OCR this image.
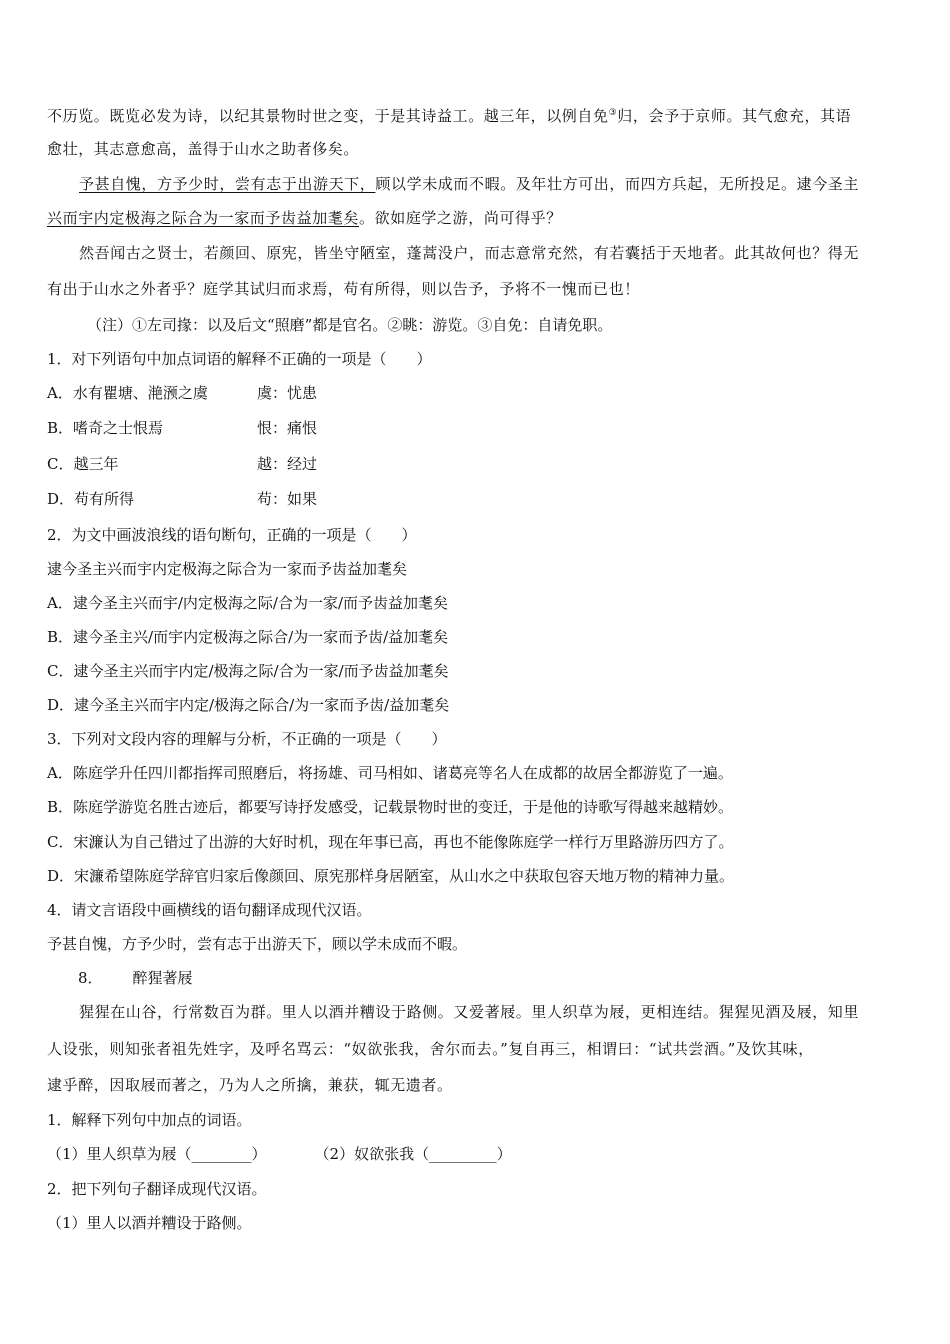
不历览。既览必发为诗，以纪其景物时世之变，于是其诗益工。越三年，以例自免③归，会予于京师。其气愈充，其语
愈壮，其志意愈高，盖得于山水之助者侈矣。
予甚自愧，方予少时，尝有志于出游天下，顾以学未成而不暇。及年壮方可出，而四方兵起，无所投足。逮今圣主
兴而宇内定极海之际合为一家而予齿益加耄矣。欲如庭学之游，尚可得乎？
然吾闻古之贤士，若颜回、原宪，皆坐守陋室，蓬蒿没户，而志意常充然，有若囊括于天地者。此其故何也？得无
有出于山水之外者乎？庭学其试归而求焉，苟有所得，则以告予，予将不一愧而已也！
（注）①左司掾：以及后文“照磨”都是官名。②眺：游览。③自免：自请免职。
1．对下列语句中加点词语的解释不正确的一项是（　　）
A．水有瞿塘、滟滪之虞	虞：忧患
B．嗜奇之士恨焉	恨：痛恨
C．越三年	越：经过
D．苟有所得	苟：如果
2．为文中画波浪线的语句断句，正确的一项是（　　）
逮今圣主兴而宇内定极海之际合为一家而予齿益加耄矣
A．逮今圣主兴而宇/内定极海之际/合为一家/而予齿益加耄矣
B．逮今圣主兴/而宇内定极海之际合/为一家而予齿/益加耄矣
C．逮今圣主兴而宇内定/极海之际/合为一家/而予齿益加耄矣
D．逮今圣主兴而宇内定/极海之际合/为一家而予齿/益加耄矣
3．下列对文段内容的理解与分析，不正确的一项是（　　）
A．陈庭学升任四川都指挥司照磨后，将扬雄、司马相如、诸葛亮等名人在成都的故居全都游览了一遍。
B．陈庭学游览名胜古迹后，都要写诗抒发感受，记载景物时世的变迁，于是他的诗歌写得越来越精妙。
C．宋濂认为自己错过了出游的大好时机，现在年事已高，再也不能像陈庭学一样行万里路游历四方了。
D．宋濂希望陈庭学辞官归家后像颜回、原宪那样身居陋室，从山水之中获取包容天地万物的精神力量。
4．请文言语段中画横线的语句翻译成现代汉语。
予甚自愧，方予少时，尝有志于出游天下，顾以学未成而不暇。
8． 醉猩著屐
猩猩在山谷，行常数百为群。里人以酒并糟设于路侧。又爱著屐。里人织草为屐，更相连结。猩猩见酒及屐，知里
人设张，则知张者祖先姓字，及呼名骂云：“奴欲张我，舍尔而去。”复自再三，相谓曰：“试共尝酒。”及饮其味，
逮乎醉，因取屐而著之，乃为人之所擒，兼获，辄无遗者。
1．解释下列句中加点的词语。
（1）里人织草为屐（________）	（2）奴欲张我（_________）
2．把下列句子翻译成现代汉语。
（1）里人以酒并糟设于路侧。
